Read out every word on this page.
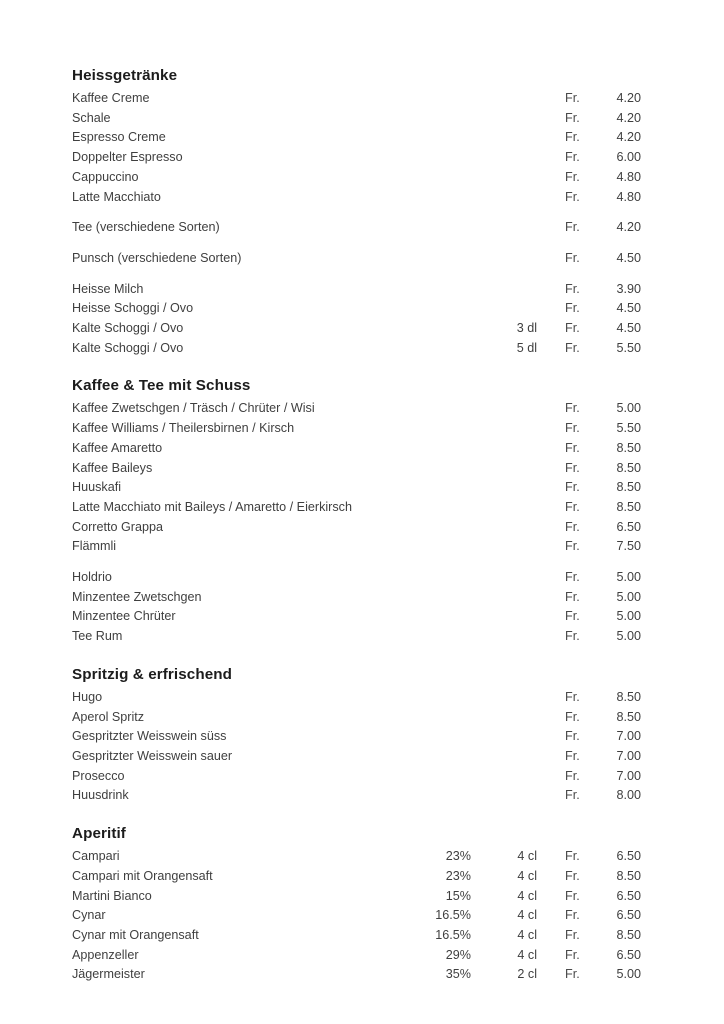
Heissgetränke
Kaffee Creme	Fr.	4.20
Schale	Fr.	4.20
Espresso Creme	Fr.	4.20
Doppelter Espresso	Fr.	6.00
Cappuccino	Fr.	4.80
Latte Macchiato	Fr.	4.80
Tee (verschiedene Sorten)	Fr.	4.20
Punsch (verschiedene Sorten)	Fr.	4.50
Heisse Milch	Fr.	3.90
Heisse Schoggi / Ovo	Fr.	4.50
Kalte Schoggi / Ovo	3 dl	Fr.	4.50
Kalte Schoggi / Ovo	5 dl	Fr.	5.50
Kaffee & Tee mit Schuss
Kaffee Zwetschgen / Träsch / Chrüter / Wisi	Fr.	5.00
Kaffee Williams / Theilersbirnen / Kirsch	Fr.	5.50
Kaffee Amaretto	Fr.	8.50
Kaffee Baileys	Fr.	8.50
Huuskafi	Fr.	8.50
Latte Macchiato mit Baileys / Amaretto / Eierkirsch	Fr.	8.50
Corretto Grappa	Fr.	6.50
Flämmli	Fr.	7.50
Holdrio	Fr.	5.00
Minzentee Zwetschgen	Fr.	5.00
Minzentee Chrüter	Fr.	5.00
Tee Rum	Fr.	5.00
Spritzig & erfrischend
Hugo	Fr.	8.50
Aperol Spritz	Fr.	8.50
Gespritzter Weisswein süss	Fr.	7.00
Gespritzter Weisswein sauer	Fr.	7.00
Prosecco	Fr.	7.00
Huusdrink	Fr.	8.00
Aperitif
Campari	23%	4 cl	Fr.	6.50
Campari mit Orangensaft	23%	4 cl	Fr.	8.50
Martini Bianco	15%	4 cl	Fr.	6.50
Cynar	16.5%	4 cl	Fr.	6.50
Cynar mit Orangensaft	16.5%	4 cl	Fr.	8.50
Appenzeller	29%	4 cl	Fr.	6.50
Jägermeister	35%	2 cl	Fr.	5.00
